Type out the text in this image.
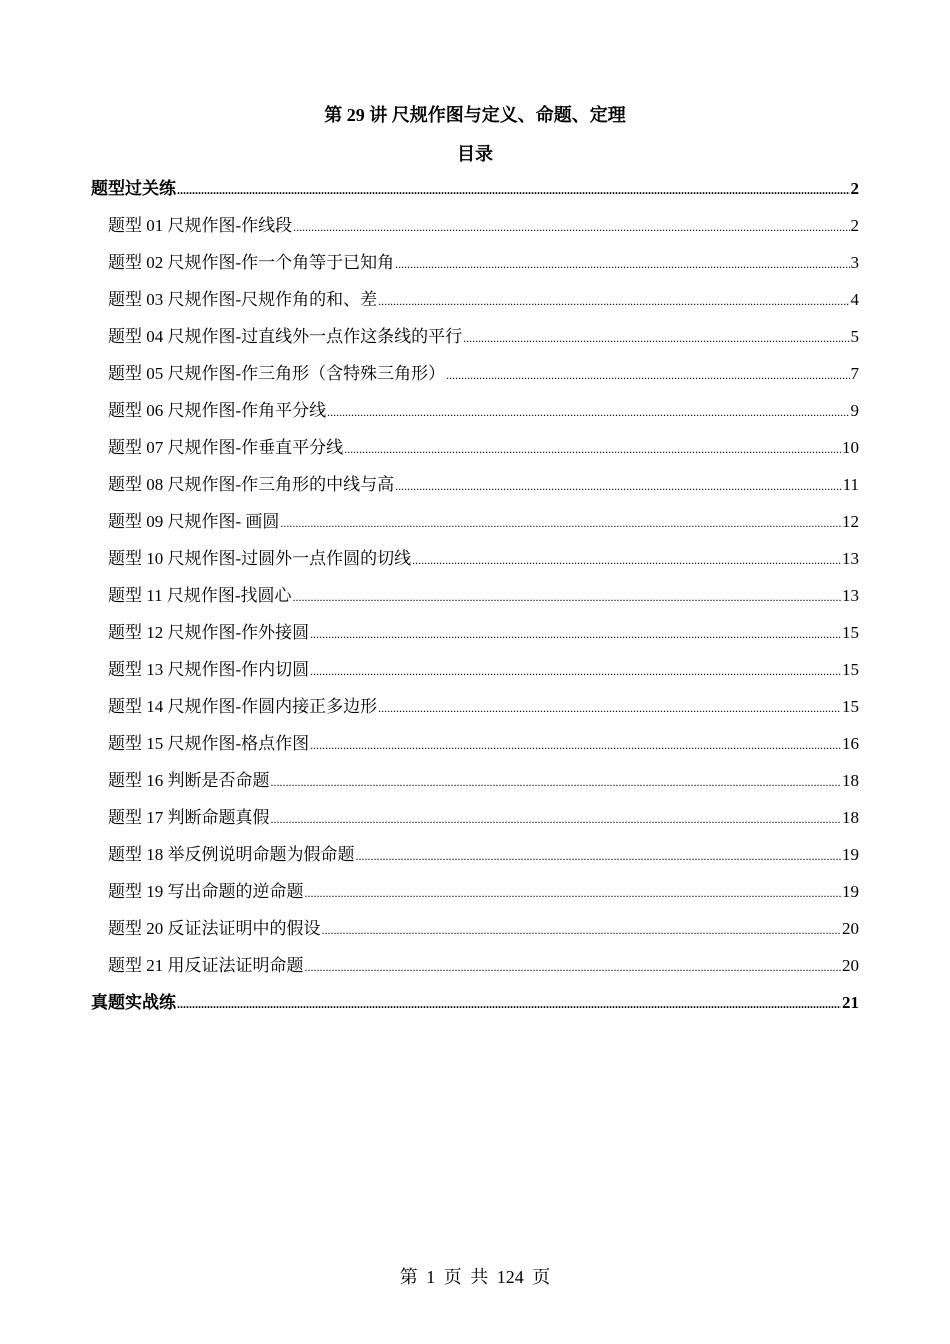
第 29 讲 尺规作图与定义、命题、定理
目录
题型过关练 .....	2
题型 01 尺规作图-作线段 .....	2
题型 02 尺规作图-作一个角等于已知角 .....	3
题型 03 尺规作图-尺规作角的和、差 .....	4
题型 04 尺规作图-过直线外一点作这条线的平行 .....	5
题型 05 尺规作图-作三角形（含特殊三角形） .....	7
题型 06 尺规作图-作角平分线 .....	9
题型 07 尺规作图-作垂直平分线 .....	10
题型 08 尺规作图-作三角形的中线与高 .....	11
题型 09 尺规作图- 画圆 .....	12
题型 10 尺规作图-过圆外一点作圆的切线 .....	13
题型 11 尺规作图-找圆心 .....	13
题型 12 尺规作图-作外接圆 .....	15
题型 13 尺规作图-作内切圆 .....	15
题型 14 尺规作图-作圆内接正多边形 .....	15
题型 15 尺规作图-格点作图 .....	16
题型 16 判断是否命题 .....	18
题型 17 判断命题真假 .....	18
题型 18 举反例说明命题为假命题 .....	19
题型 19 写出命题的逆命题 .....	19
题型 20 反证法证明中的假设 .....	20
题型 21 用反证法证明命题 .....	20
真题实战练 .....	21
第 1 页 共 124 页
